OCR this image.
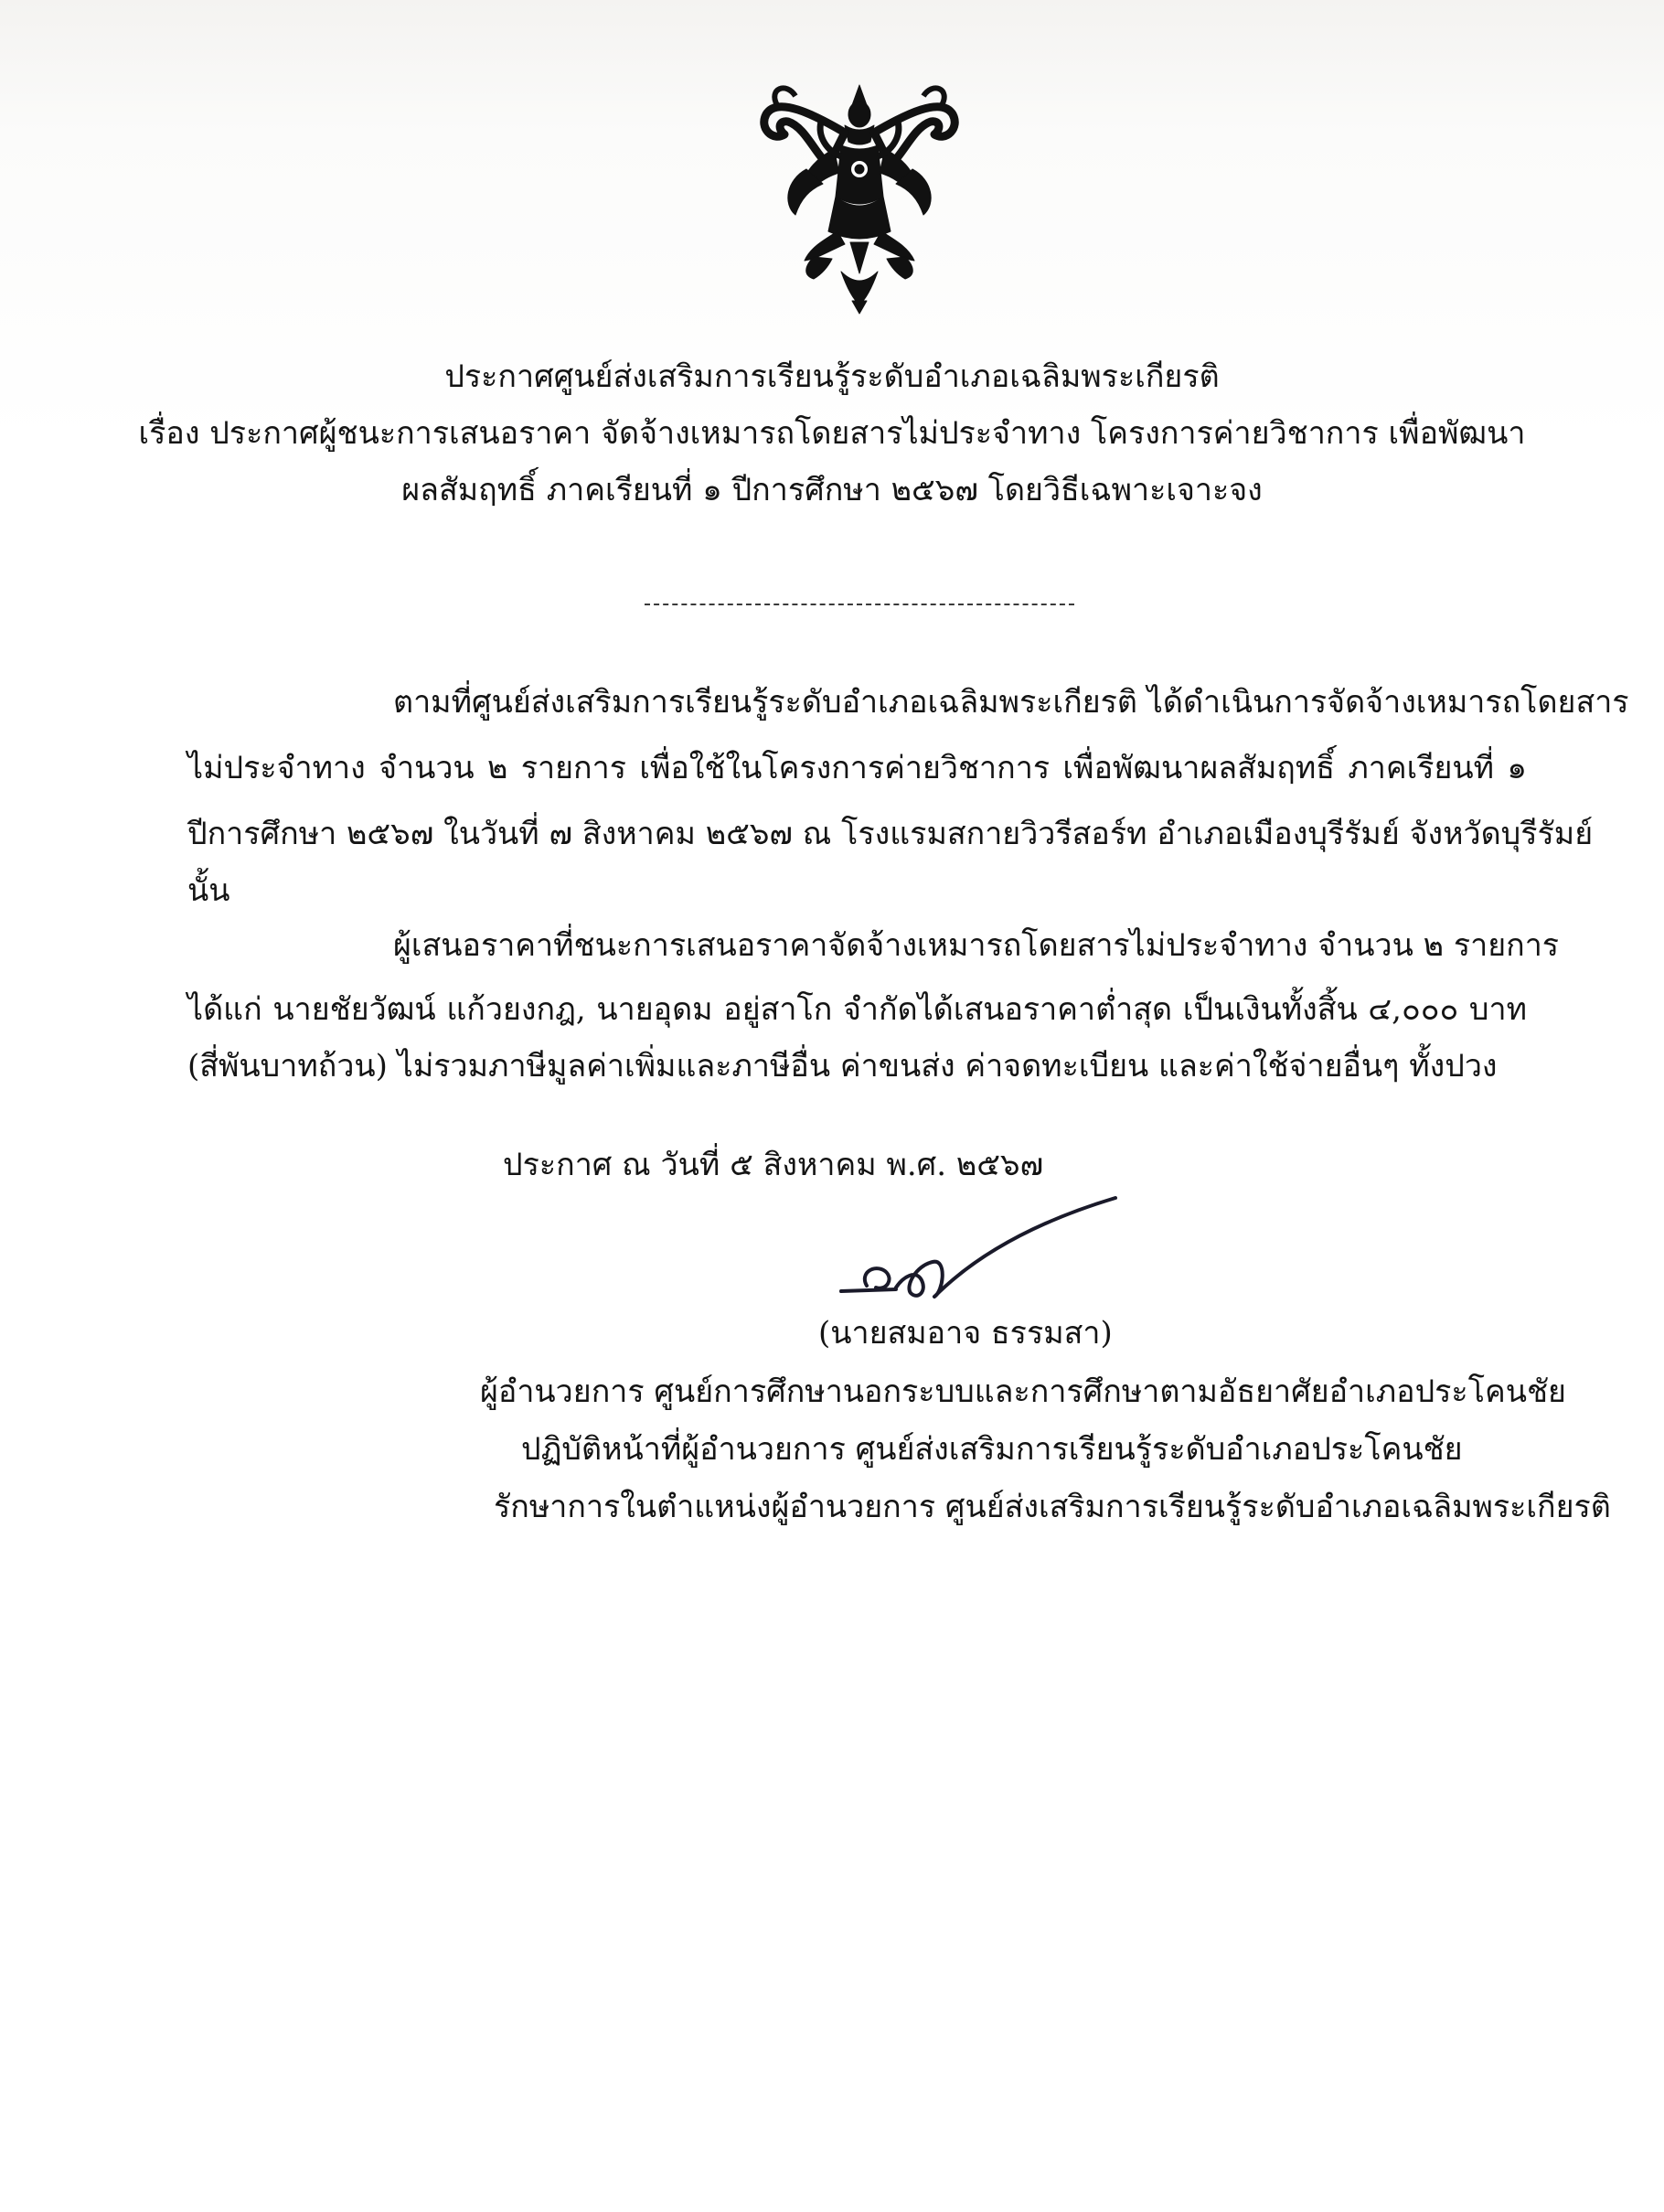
ประกาศศูนย์ส่งเสริมการเรียนรู้ระดับอำเภอเฉลิมพระเกียรติ
เรื่อง ประกาศผู้ชนะการเสนอราคา จัดจ้างเหมารถโดยสารไม่ประจำทาง โครงการค่ายวิชาการ เพื่อพัฒนา
ผลสัมฤทธิ์ ภาคเรียนที่ ๑ ปีการศึกษา ๒๕๖๗ โดยวิธีเฉพาะเจาะจง
ตามที่ศูนย์ส่งเสริมการเรียนรู้ระดับอำเภอเฉลิมพระเกียรติ ได้ดำเนินการจัดจ้างเหมารถโดยสาร
ไม่ประจำทาง จำนวน ๒ รายการ เพื่อใช้ในโครงการค่ายวิชาการ เพื่อพัฒนาผลสัมฤทธิ์ ภาคเรียนที่ ๑
ปีการศึกษา ๒๕๖๗ ในวันที่ ๗ สิงหาคม ๒๕๖๗ ณ โรงแรมสกายวิวรีสอร์ท อำเภอเมืองบุรีรัมย์ จังหวัดบุรีรัมย์
นั้น
ผู้เสนอราคาที่ชนะการเสนอราคาจัดจ้างเหมารถโดยสารไม่ประจำทาง จำนวน ๒ รายการ
ได้แก่ นายชัยวัฒน์ แก้วยงกฎ, นายอุดม อยู่สาโก จำกัดได้เสนอราคาต่ำสุด เป็นเงินทั้งสิ้น ๔,๐๐๐ บาท
(สี่พันบาทถ้วน) ไม่รวมภาษีมูลค่าเพิ่มและภาษีอื่น ค่าขนส่ง ค่าจดทะเบียน และค่าใช้จ่ายอื่นๆ ทั้งปวง
ประกาศ ณ วันที่ ๕ สิงหาคม พ.ศ. ๒๕๖๗
(นายสมอาจ ธรรมสา)
ผู้อำนวยการ ศูนย์การศึกษานอกระบบและการศึกษาตามอัธยาศัยอำเภอประโคนชัย
ปฏิบัติหน้าที่ผู้อำนวยการ ศูนย์ส่งเสริมการเรียนรู้ระดับอำเภอประโคนชัย
รักษาการในตำแหน่งผู้อำนวยการ ศูนย์ส่งเสริมการเรียนรู้ระดับอำเภอเฉลิมพระเกียรติ
